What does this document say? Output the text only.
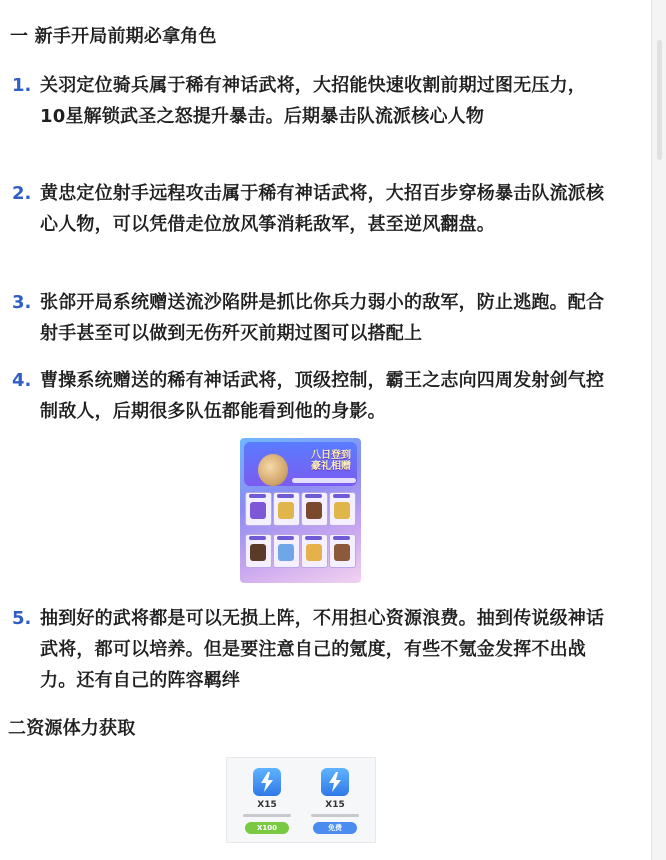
一 新手开局前期必拿角色
1. 关羽定位骑兵属于稀有神话武将，大招能快速收割前期过图无压力，10星解锁武圣之怒提升暴击。后期暴击队流派核心人物
2. 黄忠定位射手远程攻击属于稀有神话武将，大招百步穿杨暴击队流派核心人物，可以凭借走位放风筝消耗敌军，甚至逆风翻盘。
3. 张郃开局系统赠送流沙陷阱是抓比你兵力弱小的敌军，防止逃跑。配合射手甚至可以做到无伤歼灭前期过图可以搭配上
4. 曹操系统赠送的稀有神话武将，顶级控制，霸王之志向四周发射剑气控制敌人，后期很多队伍都能看到他的身影。
八日登到
豪礼相赠
5. 抽到好的武将都是可以无损上阵，不用担心资源浪费。抽到传说级神话武将，都可以培养。但是要注意自己的氪度，有些不氪金发挥不出战力。还有自己的阵容羁绊
二资源体力获取
X15
X100
X15
免费
